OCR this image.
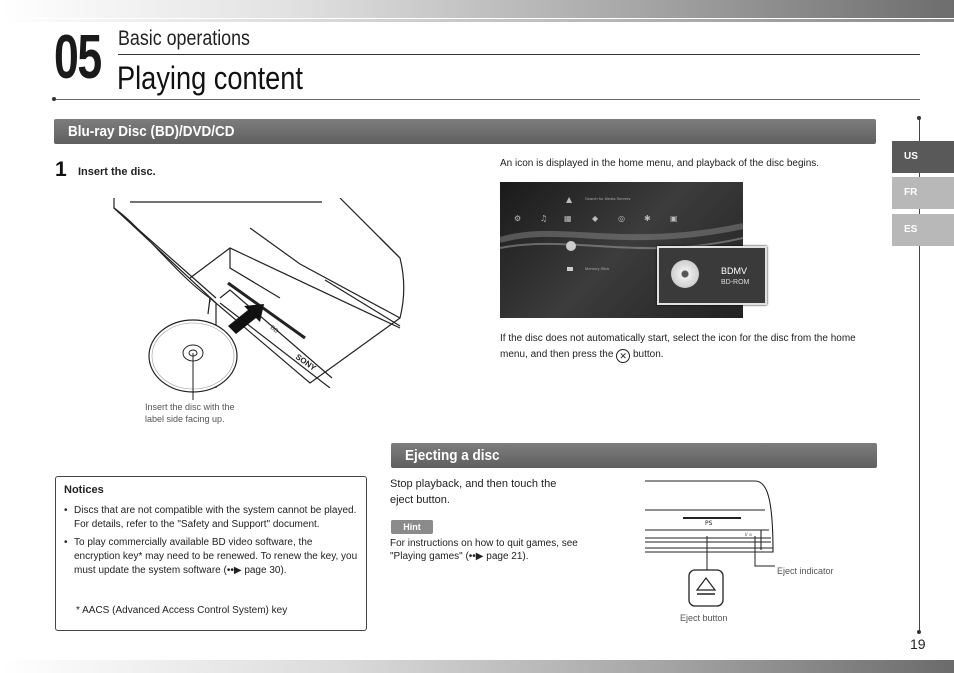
05 Basic operations
Playing content
US
FR
ES
Blu-ray Disc (BD)/DVD/CD
1 Insert the disc.
BD
SONY
Insert the disc with the label side facing up.
An icon is displayed in the home menu, and playback of the disc begins.
⚙ ♫ ▦	◆ ◎ ✱ ▣
▲	Search for Media Servers
Memory Stick	BDMV
BD-ROM
If the disc does not automatically start, select the icon for the disc from the home menu, and then press the ✕ button.
Notices
• Discs that are not compatible with the system cannot be played. For details, refer to the "Safety and Support" document.
• To play commercially available BD video software, the encryption key* may need to be renewed. To renew the key, you must update the system software (••▶ page 30).
* AACS (Advanced Access Control System) key
Ejecting a disc
Stop playback, and then touch the eject button.
Hint
For instructions on how to quit games, see "Playing games" (••▶ page 21).
PS
I/ ⊙
Eject indicator
Eject button
19
